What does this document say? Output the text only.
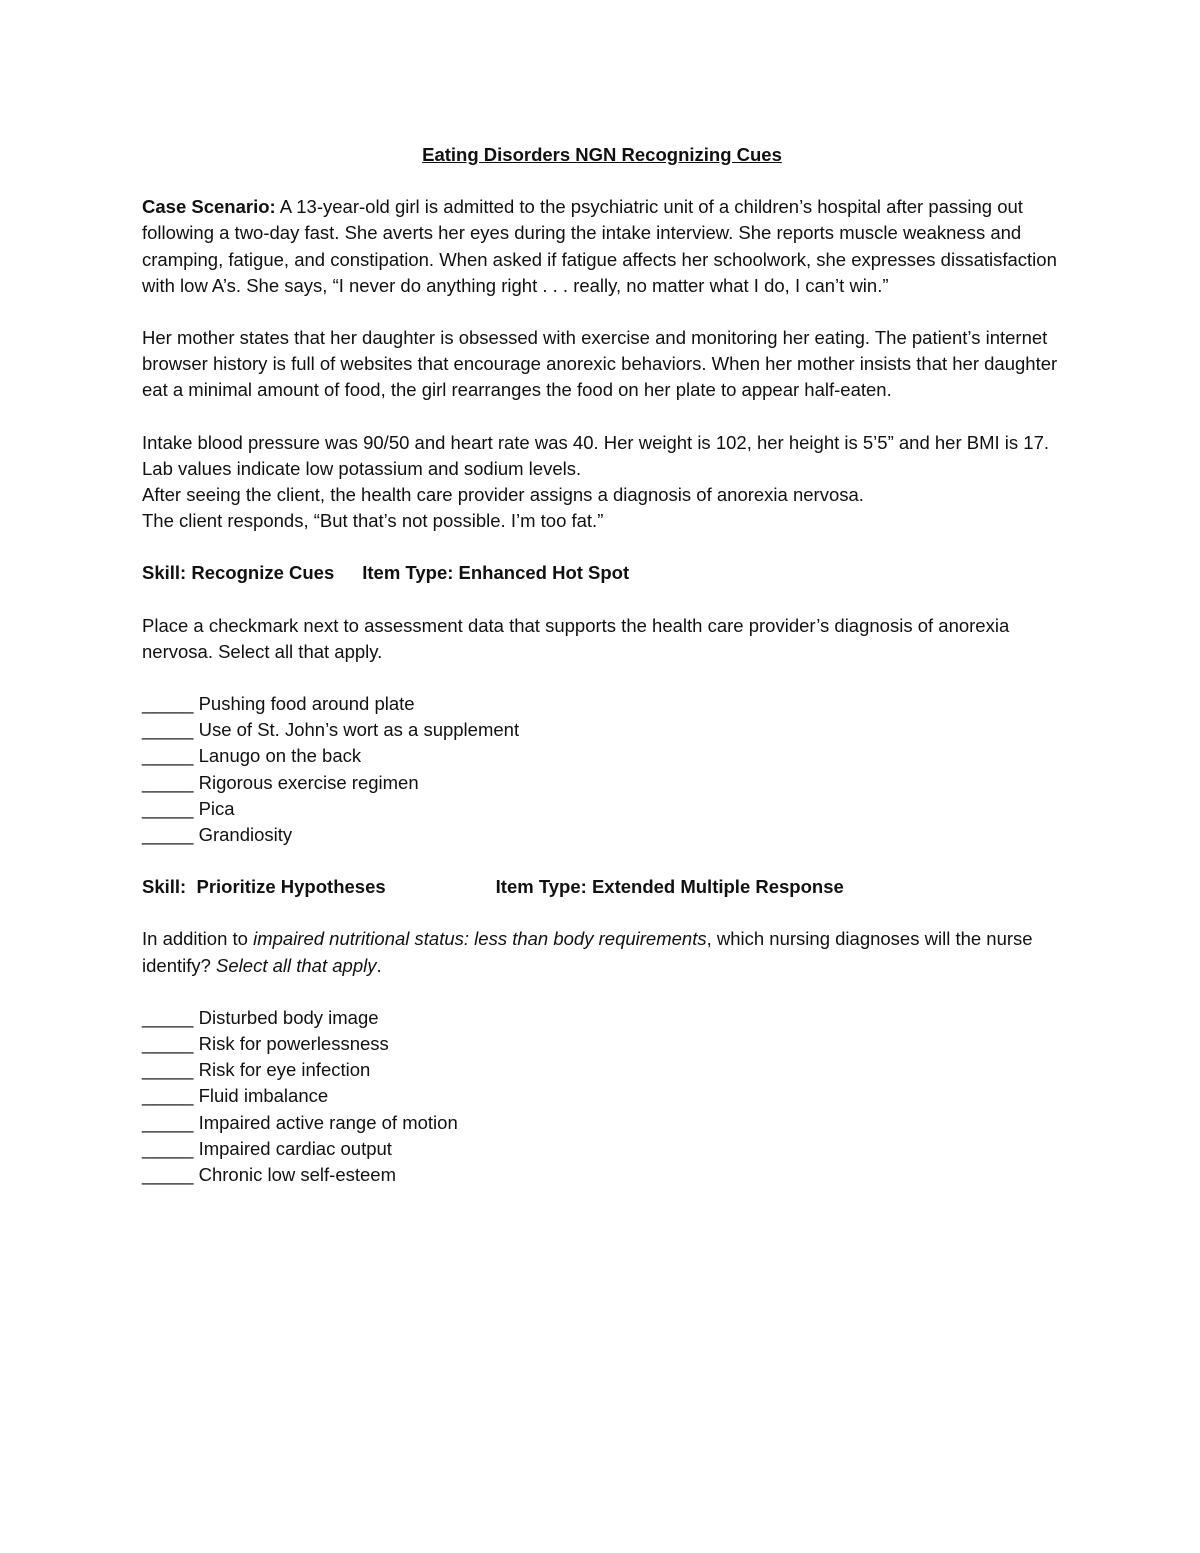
Eating Disorders NGN Recognizing Cues

Case Scenario: A 13-year-old girl is admitted to the psychiatric unit of a children’s hospital after passing out following a two-day fast. She averts her eyes during the intake interview. She reports muscle weakness and cramping, fatigue, and constipation. When asked if fatigue affects her schoolwork, she expresses dissatisfaction with low A’s. She says, “I never do anything right . . . really, no matter what I do, I can’t win.”

Her mother states that her daughter is obsessed with exercise and monitoring her eating. The patient’s internet browser history is full of websites that encourage anorexic behaviors. When her mother insists that her daughter eat a minimal amount of food, the girl rearranges the food on her plate to appear half-eaten.

Intake blood pressure was 90/50 and heart rate was 40. Her weight is 102, her height is 5’5” and her BMI is 17. Lab values indicate low potassium and sodium levels.

After seeing the client, the health care provider assigns a diagnosis of anorexia nervosa.

The client responds, “But that’s not possible. I’m too fat.”

Skill: Recognize Cues Item Type: Enhanced Hot Spot

Place a checkmark next to assessment data that supports the health care provider’s diagnosis of anorexia nervosa. Select all that apply.

_____ Pushing food around plate
_____ Use of St. John’s wort as a supplement
_____ Lanugo on the back
_____ Rigorous exercise regimen
_____ Pica
_____ Grandiosity
Skill:  Prioritize Hypotheses	Item Type: Extended Multiple Response

In addition to impaired nutritional status: less than body requirements, which nursing diagnoses will the nurse identify? Select all that apply.

_____ Disturbed body image
_____ Risk for powerlessness
_____ Risk for eye infection
_____ Fluid imbalance
_____ Impaired active range of motion
_____ Impaired cardiac output
_____ Chronic low self-esteem
